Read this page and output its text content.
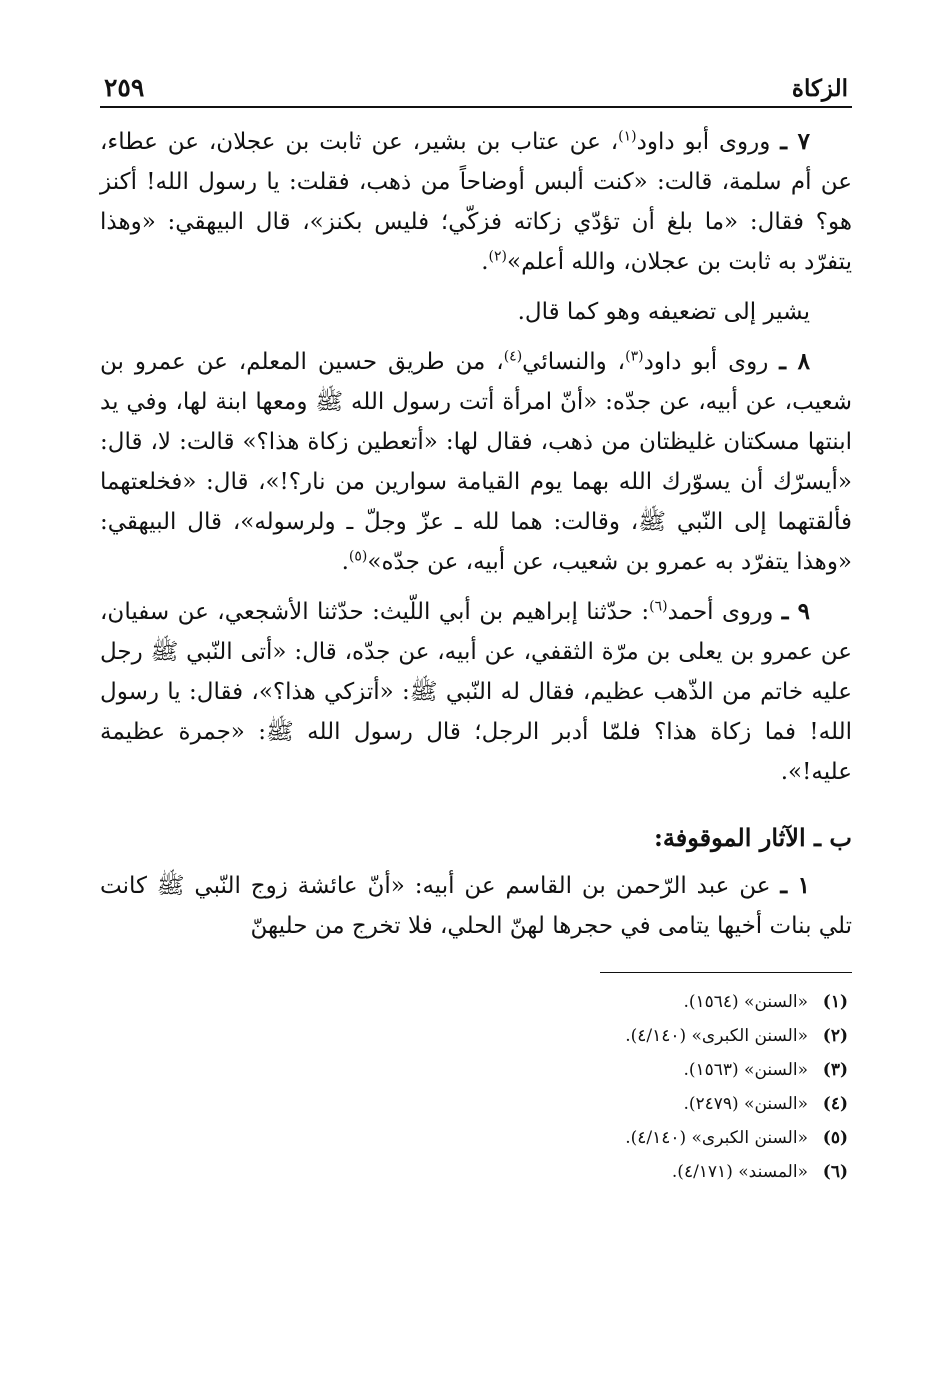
الزكاة
٢٥٩

٧ ـ وروى أبو داود$^{(١)}$، عن عتاب بن بشير، عن ثابت بن عجلان، عن عطاء، عن أم سلمة، قالت: «كنت ألبس أوضاحاً من ذهب، فقلت: يا رسول الله! أكنز هو؟ فقال: «ما بلغ أن تؤدّي زكاته فزكّي؛ فليس بكنز»، قال البيهقي: «وهذا يتفرّد به ثابت بن عجلان، والله أعلم»$^{(٢)}$.

يشير إلى تضعيفه وهو كما قال.

٨ ـ روى أبو داود$^{(٣)}$، والنسائي$^{(٤)}$، من طريق حسين المعلم، عن عمرو بن شعيب، عن أبيه، عن جدّه: «أنّ امرأة أتت رسول الله ﷺ ومعها ابنة لها، وفي يد ابنتها مسكتان غليظتان من ذهب، فقال لها: «أتعطين زكاة هذا؟» قالت: لا، قال: «أيسرّك أن يسوّرك الله بهما يوم القيامة سوارين من نار؟!»، قال: «فخلعتهما فألقتهما إلى النّبي ﷺ، وقالت: هما لله ـ عزّ وجلّ ـ ولرسوله»، قال البيهقي: «وهذا يتفرّد به عمرو بن شعيب، عن أبيه، عن جدّه»$^{(٥)}$.

٩ ـ وروى أحمد$^{(٦)}$: حدّثنا إبراهيم بن أبي اللّيث: حدّثنا الأشجعي، عن سفيان، عن عمرو بن يعلى بن مرّة الثقفي، عن أبيه، عن جدّه، قال: «أتى النّبي ﷺ رجل عليه خاتم من الذّهب عظيم، فقال له النّبي ﷺ: «أتزكي هذا؟»، فقال: يا رسول الله! فما زكاة هذا؟ فلمّا أدبر الرجل؛ قال رسول الله ﷺ: «جمرة عظيمة عليه!».

ب ـ الآثار الموقوفة:

١ ـ عن عبد الرّحمن بن القاسم عن أبيه: «أنّ عائشة زوج النّبي ﷺ كانت تلي بنات أخيها يتامى في حجرها لهنّ الحلي، فلا تخرج من حليهنّ

(١)«السنن» (١٥٦٤).
(٢)«السنن الكبرى» (٤/١٤٠).
(٣)«السنن» (١٥٦٣).
(٤)«السنن» (٢٤٧٩).
(٥)«السنن الكبرى» (٤/١٤٠).
(٦)«المسند» (٤/١٧١).
